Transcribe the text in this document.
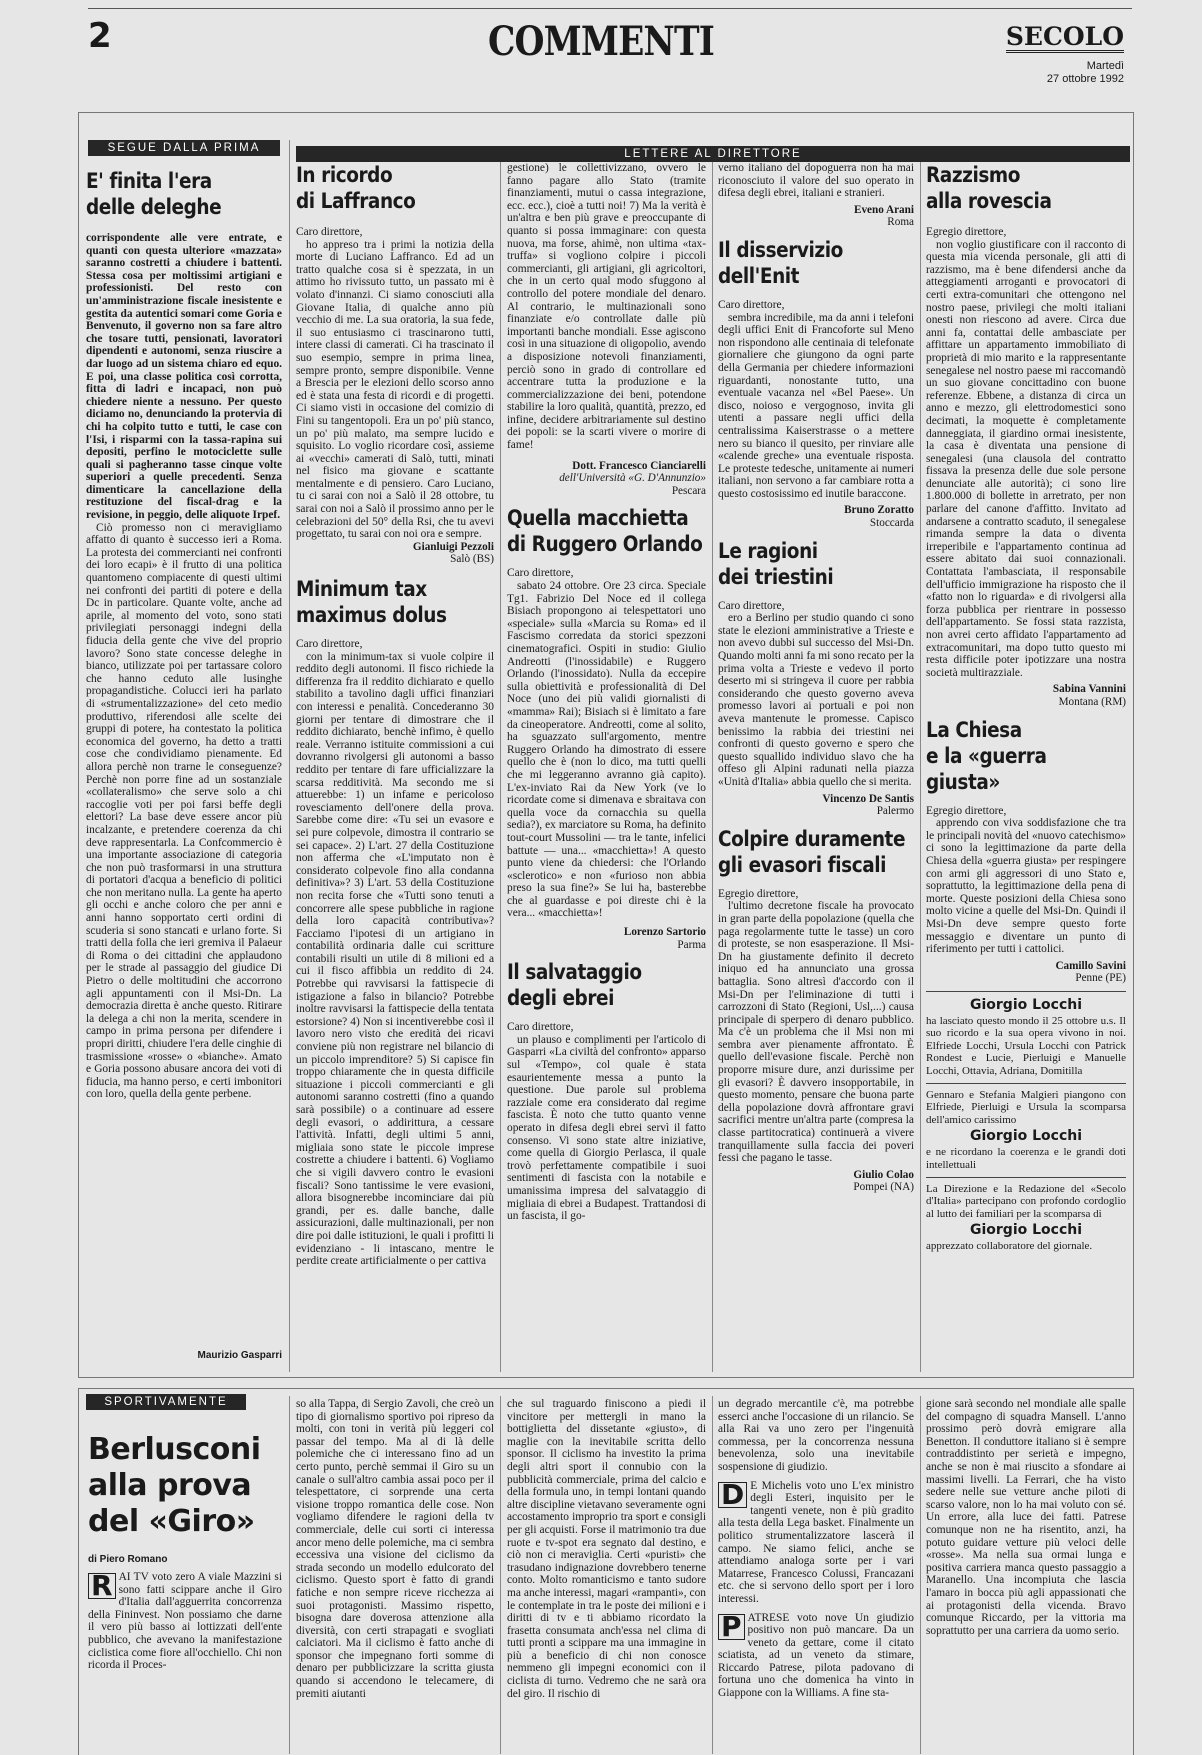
2	COMMENTI	SECOLO
Martedì
27 ottobre 1992
SEGUE DALLA PRIMA	LETTERE AL DIRETTORE
E' finita l'era
delle deleghe

corrispondente alle vere entrate, e quanti con questa ulteriore «mazzata» saranno costretti a chiudere i battenti. Stessa cosa per moltissimi artigiani e professionisti. Del resto con un'amministrazione fiscale inesistente e gestita da autentici somari come Goria e Benvenuto, il governo non sa fare altro che tosare tutti, pensionati, lavoratori dipendenti e autonomi, senza riuscire a dar luogo ad un sistema chiaro ed equo. E poi, una classe politica così corrotta, fitta di ladri e incapaci, non può chiedere niente a nessuno. Per questo diciamo no, denunciando la protervia di chi ha colpito tutto e tutti, le case con l'Isi, i risparmi con la tassa-rapina sui depositi, perfino le motociclette sulle quali si pagheranno tasse cinque volte superiori a quelle precedenti. Senza dimenticare la cancellazione della restituzione del fiscal-drag e la revisione, in peggio, delle aliquote Irpef.

Ciò promesso non ci meravigliamo affatto di quanto è successo ieri a Roma. La protesta dei commercianti nei confronti dei loro ecapi» è il frutto di una politica quantomeno compiacente di questi ultimi nei confronti dei partiti di potere e della Dc in particolare. Quante volte, anche ad aprile, al momento del voto, sono stati privilegiati personaggi indegni della fiducia della gente che vive del proprio lavoro? Sono state concesse deleghe in bianco, utilizzate poi per tartassare coloro che hanno ceduto alle lusinghe propagandistiche. Colucci ieri ha parlato di «strumentalizzazione» del ceto medio produttivo, riferendosi alle scelte dei gruppi di potere, ha contestato la politica economica del governo, ha detto a tratti cose che condividiamo pienamente. Ed allora perchè non trarne le conseguenze? Perchè non porre fine ad un sostanziale «collateralismo» che serve solo a chi raccoglie voti per poi farsi beffe degli elettori? La base deve essere ancor più incalzante, e pretendere coerenza da chi deve rappresentarla. La Confcommercio è una importante associazione di categoria che non può trasformarsi in una struttura di portatori d'acqua a beneficio di politici che non meritano nulla. La gente ha aperto gli occhi e anche coloro che per anni e anni hanno sopportato certi ordini di scuderia si sono stancati e urlano forte. Si tratti della folla che ieri gremiva il Palaeur di Roma o dei cittadini che applaudono per le strade al passaggio del giudice Di Pietro o delle moltitudini che accorrono agli appuntamenti con il Msi-Dn. La democrazia diretta è anche questo. Ritirare la delega a chi non la merita, scendere in campo in prima persona per difendere i propri diritti, chiudere l'era delle cinghie di trasmissione «rosse» o «bianche». Amato e Goria possono abusare ancora dei voti di fiducia, ma hanno perso, e certi imbonitori con loro, quella della gente perbene.

Maurizio Gasparri
In ricordo
di Laffranco

Caro direttore,

ho appreso tra i primi la notizia della morte di Luciano Laffranco. Ed ad un tratto qualche cosa si è spezzata, in un attimo ho rivissuto tutto, un passato mi è volato d'innanzi. Ci siamo conosciuti alla Giovane Italia, di qualche anno più vecchio di me. La sua oratoria, la sua fede, il suo entusiasmo ci trascinarono tutti, intere classi di camerati. Ci ha trascinato il suo esempio, sempre in prima linea, sempre pronto, sempre disponibile. Venne a Brescia per le elezioni dello scorso anno ed è stata una festa di ricordi e di progetti. Ci siamo visti in occasione del comizio di Fini su tangentopoli. Era un po' più stanco, un po' più malato, ma sempre lucido e squisito. Lo voglio ricordare così, assieme ai «vecchi» camerati di Salò, tutti, minati nel fisico ma giovane e scattante mentalmente e di pensiero. Caro Luciano, tu ci sarai con noi a Salò il 28 ottobre, tu sarai con noi a Salò il prossimo anno per le celebrazioni del 50° della Rsi, che tu avevi progettato, tu sarai con noi ora e sempre.

Gianluigi Pezzoli

Salò (BS)

Minimum tax
maximus dolus

Caro direttore,

con la minimum-tax si vuole colpire il reddito degli autonomi. Il fisco richiede la differenza fra il reddito dichiarato e quello stabilito a tavolino dagli uffici finanziari con interessi e penalità. Concederanno 30 giorni per tentare di dimostrare che il reddito dichiarato, benchè infimo, è quello reale. Verranno istituite commissioni a cui dovranno rivolgersi gli autonomi a basso reddito per tentare di fare ufficializzare la scarsa redditività. Ma secondo me si attuerebbe: 1) un infame e pericoloso rovesciamento dell'onere della prova. Sarebbe come dire: «Tu sei un evasore e sei pure colpevole, dimostra il contrario se sei capace». 2) L'art. 27 della Costituzione non afferma che «L'imputato non è considerato colpevole fino alla condanna definitiva»? 3) L'art. 53 della Costituzione non recita forse che «Tutti sono tenuti a concorrere alle spese pubbliche in ragione della loro capacità contributiva»? Facciamo l'ipotesi di un artigiano in contabilità ordinaria dalle cui scritture contabili risulti un utile di 8 milioni ed a cui il fisco affibbia un reddito di 24. Potrebbe qui ravvisarsi la fattispecie di istigazione a falso in bilancio? Potrebbe inoltre ravvisarsi la fattispecie della tentata estorsione? 4) Non si incentiverebbe così il lavoro nero visto che eredità dei ricavi conviene più non registrare nel bilancio di un piccolo imprenditore? 5) Si capisce fin troppo chiaramente che in questa difficile situazione i piccoli commercianti e gli autonomi saranno costretti (fino a quando sarà possibile) o a continuare ad essere degli evasori, o addirittura, a cessare l'attività. Infatti, degli ultimi 5 anni, migliaia sono state le piccole imprese costrette a chiudere i battenti. 6) Vogliamo che si vigili davvero contro le evasioni fiscali? Sono tantissime le vere evasioni, allora bisognerebbe incominciare dai più grandi, per es. dalle banche, dalle assicurazioni, dalle multinazionali, per non dire poi dalle istituzioni, le quali i profitti li evidenziano - li intascano, mentre le perdite create artificialmente o per cattiva

gestione) le collettivizzano, ovvero le fanno pagare allo Stato (tramite finanziamenti, mutui o cassa integrazione, ecc. ecc.), cioè a tutti noi! 7) Ma la verità è un'altra e ben più grave e preoccupante di quanto si possa immaginare: con questa nuova, ma forse, ahimè, non ultima «tax-truffa» si vogliono colpire i piccoli commercianti, gli artigiani, gli agricoltori, che in un certo qual modo sfuggono al controllo del potere mondiale del denaro. Al contrario, le multinazionali sono finanziate e/o controllate dalle più importanti banche mondiali. Esse agiscono così in una situazione di oligopolio, avendo a disposizione notevoli finanziamenti, perciò sono in grado di controllare ed accentrare tutta la produzione e la commercializzazione dei beni, potendone stabilire la loro qualità, quantità, prezzo, ed infine, decidere arbitrariamente sul destino dei popoli: se la scarti vivere o morire di fame!

Dott. Francesco Cianciarelli

dell'Università «G. D'Annunzio»

Pescara

Quella macchietta
di Ruggero Orlando

Caro direttore,

sabato 24 ottobre. Ore 23 circa. Speciale Tg1. Fabrizio Del Noce ed il collega Bisiach propongono ai telespettatori uno «speciale» sulla «Marcia su Roma» ed il Fascismo corredata da storici spezzoni cinematografici. Ospiti in studio: Giulio Andreotti (l'inossidabile) e Ruggero Orlando (l'inossidato). Nulla da eccepire sulla obiettività e professionalità di Del Noce (uno dei più validi giornalisti di «mamma» Rai); Bisiach si è limitato a fare da cineoperatore. Andreotti, come al solito, ha sguazzato sull'argomento, mentre Ruggero Orlando ha dimostrato di essere quello che è (non lo dico, ma tutti quelli che mi leggeranno avranno già capito). L'ex-inviato Rai da New York (ve lo ricordate come si dimenava e sbraitava con quella voce da cornacchia su quella sedia?), ex marciatore su Roma, ha definito tout-court Mussolini — tra le tante, infelici battute — una... «macchietta»! A questo punto viene da chiedersi: che l'Orlando «sclerotico» e non «furioso non abbia preso la sua fine?» Se lui ha, basterebbe che al guardasse e poi direste chi è la vera... «macchietta»!

Lorenzo Sartorio

Parma

Il salvataggio
degli ebrei

Caro direttore,

un plauso e complimenti per l'articolo di Gasparri «La civiltà del confronto» apparso sul «Tempo», col quale è stata esaurientemente messa a punto la questione. Due parole sul problema razziale come era considerato dal regime fascista. È noto che tutto quanto venne operato in difesa degli ebrei servì il fatto consenso. Vi sono state altre iniziative, come quella di Giorgio Perlasca, il quale trovò perfettamente compatibile i suoi sentimenti di fascista con la notabile e umanissima impresa del salvataggio di migliaia di ebrei a Budapest. Trattandosi di un fascista, il go-

verno italiano del dopoguerra non ha mai riconosciuto il valore del suo operato in difesa degli ebrei, italiani e stranieri.

Eveno Arani

Roma

Il disservizio
dell'Enit

Caro direttore,

sembra incredibile, ma da anni i telefoni degli uffici Enit di Francoforte sul Meno non rispondono alle centinaia di telefonate giornaliere che giungono da ogni parte della Germania per chiedere informazioni riguardanti, nonostante tutto, una eventuale vacanza nel «Bel Paese». Un disco, noioso e vergognoso, invita gli utenti a passare negli uffici della centralissima Kaiserstrasse o a mettere nero su bianco il quesito, per rinviare alle «calende greche» una eventuale risposta. Le proteste tedesche, unitamente ai numeri italiani, non servono a far cambiare rotta a questo costosissimo ed inutile baraccone.

Bruno Zoratto

Stoccarda

Le ragioni
dei triestini

Caro direttore,

ero a Berlino per studio quando ci sono state le elezioni amministrative a Trieste e non avevo dubbi sul successo del Msi-Dn. Quando molti anni fa mi sono recato per la prima volta a Trieste e vedevo il porto deserto mi si stringeva il cuore per rabbia considerando che questo governo aveva promesso lavori ai portuali e poi non aveva mantenute le promesse. Capisco benissimo la rabbia dei triestini nei confronti di questo governo e spero che questo squallido individuo slavo che ha offeso gli Alpini radunati nella piazza «Unità d'Italia» abbia quello che si merita.

Vincenzo De Santis

Palermo

Colpire duramente
gli evasori fiscali

Egregio direttore,

l'ultimo decretone fiscale ha provocato in gran parte della popolazione (quella che paga regolarmente tutte le tasse) un coro di proteste, se non esasperazione. Il Msi-Dn ha giustamente definito il decreto iniquo ed ha annunciato una grossa battaglia. Sono altresì d'accordo con il Msi-Dn per l'eliminazione di tutti i carrozzoni di Stato (Regioni, Usl,...) causa principale di sperpero di denaro pubblico. Ma c'è un problema che il Msi non mi sembra aver pienamente affrontato. È quello dell'evasione fiscale. Perchè non proporre misure dure, anzi durissime per gli evasori? È davvero insopportabile, in questo momento, pensare che buona parte della popolazione dovrà affrontare gravi sacrifici mentre un'altra parte (compresa la classe partitocratica) continuerà a vivere tranquillamente sulla faccia dei poveri fessi che pagano le tasse.

Giulio Colao

Pompei (NA)

Razzismo
alla rovescia

Egregio direttore,

non voglio giustificare con il racconto di questa mia vicenda personale, gli atti di razzismo, ma è bene difendersi anche da atteggiamenti arroganti e provocatori di certi extra-comunitari che ottengono nel nostro paese, privilegi che molti italiani onesti non riescono ad avere. Circa due anni fa, contattai delle ambasciate per affittare un appartamento immobiliato di proprietà di mio marito e la rappresentante senegalese nel nostro paese mi raccomandò un suo giovane concittadino con buone referenze. Ebbene, a distanza di circa un anno e mezzo, gli elettrodomestici sono decimati, la moquette è completamente danneggiata, il giardino ormai inesistente, la casa è diventata una pensione di senegalesi (una clausola del contratto fissava la presenza delle due sole persone denunciate alle autorità); ci sono lire 1.800.000 di bollette in arretrato, per non parlare del canone d'affitto. Invitato ad andarsene a contratto scaduto, il senegalese rimanda sempre la data o diventa irreperibile e l'appartamento continua ad essere abitato dai suoi connazionali. Contattata l'ambasciata, il responsabile dell'ufficio immigrazione ha risposto che il «fatto non lo riguarda» e di rivolgersi alla forza pubblica per rientrare in possesso dell'appartamento. Se fossi stata razzista, non avrei certo affidato l'appartamento ad extracomunitari, ma dopo tutto questo mi resta difficile poter ipotizzare una nostra società multirazziale.

Sabina Vannini

Montana (RM)

La Chiesa
e la «guerra giusta»

Egregio direttore,

apprendo con viva soddisfazione che tra le principali novità del «nuovo catechismo» ci sono la legittimazione da parte della Chiesa della «guerra giusta» per respingere con armi gli aggressori di uno Stato e, soprattutto, la legittimazione della pena di morte. Queste posizioni della Chiesa sono molto vicine a quelle del Msi-Dn. Quindi il Msi-Dn deve sempre questo forte messaggio e diventare un punto di riferimento per tutti i cattolici.

Camillo Savini

Penne (PE)

Giorgio Locchi

ha lasciato questo mondo il 25 ottobre u.s. Il suo ricordo e la sua opera vivono in noi. Elfriede Locchi, Ursula Locchi con Patrick Rondest e Lucie, Pierluigi e Manuelle Locchi, Ottavia, Adriana, Domitilla

Gennaro e Stefania Malgieri piangono con Elfriede, Pierluigi e Ursula la scomparsa dell'amico carissimo

Giorgio Locchi

e ne ricordano la coerenza e le grandi doti intellettuali

La Direzione e la Redazione del «Secolo d'Italia» partecipano con profondo cordoglio al lutto dei familiari per la scomparsa di

Giorgio Locchi

apprezzato collaboratore del giornale.

SPORTIVAMENTE
Berlusconi alla prova del «Giro»
di Piero Romano
R AI TV voto zero A viale Mazzini si sono fatti scippare anche il Giro d'Italia dall'agguerrita concorrenza della Fininvest. Non possiamo che darne il vero più basso ai lottizzati dell'ente pubblico, che avevano la manifestazione ciclistica come fiore all'occhiello. Chi non ricorda il Proces-

so alla Tappa, di Sergio Zavoli, che creò un tipo di giornalismo sportivo poi ripreso da molti, con toni in verità più leggeri col passar del tempo. Ma al di là delle polemiche che ci interessano fino ad un certo punto, perchè semmai il Giro su un canale o sull'altro cambia assai poco per il telespettatore, ci sorprende una certa visione troppo romantica delle cose. Non vogliamo difendere le ragioni della tv commerciale, delle cui sorti ci interessa ancor meno delle polemiche, ma ci sembra eccessiva una visione del ciclismo da strada secondo un modello edulcorato del ciclismo. Questo sport è fatto di grandi fatiche e non sempre riceve ricchezza ai suoi protagonisti. Massimo rispetto, bisogna dare doverosa attenzione alla diversità, con certi strapagati e svogliati calciatori. Ma il ciclismo è fatto anche di sponsor che impegnano forti somme di denaro per pubblicizzare la scritta giusta quando si accendono le telecamere, di premiti aiutanti

che sul traguardo finiscono a piedi il vincitore per mettergli in mano la bottiglietta del dissetante «giusto», di maglie con la inevitabile scritta dello sponsor. Il ciclismo ha investito la prima degli altri sport il connubio con la pubblicità commerciale, prima del calcio e della formula uno, in tempi lontani quando altre discipline vietavano severamente ogni accostamento improprio tra sport e consigli per gli acquisti. Forse il matrimonio tra due ruote e tv-spot era segnato dal destino, e ciò non ci meraviglia. Certi «puristi» che trasudano indignazione dovrebbero tenerne conto. Molto romanticismo e tanto sudore ma anche interessi, magari «rampanti», con le contemplate in tra le poste dei milioni e i diritti di tv e ti abbiamo ricordato la frasetta consumata anch'essa nel clima di tutti pronti a scippare ma una immagine in più a beneficio di chi non conosce nemmeno gli impegni economici con il ciclista di turno. Vedremo che ne sarà ora del giro. Il rischio di

un degrado mercantile c'è, ma potrebbe esserci anche l'occasione di un rilancio. Se alla Rai va uno zero per l'ingenuità commessa, per la concorrenza nessuna benevolenza, solo una inevitabile sospensione di giudizio.

D E Michelis voto uno L'ex ministro degli Esteri, inquisito per le tangenti venete, non è più gradito alla testa della Lega basket. Finalmente un politico strumentalizzatore lascerà il campo. Ne siamo felici, anche se attendiamo analoga sorte per i vari Matarrese, Francesco Colussi, Francazani etc. che si servono dello sport per i loro interessi.

P ATRESE voto nove Un giudizio positivo non può mancare. Da un veneto da gettare, come il citato sciatista, ad un veneto da stimare, Riccardo Patrese, pilota padovano di fortuna uno che domenica ha vinto in Giappone con la Williams. A fine sta-

gione sarà secondo nel mondiale alle spalle del compagno di squadra Mansell. L'anno prossimo però dovrà emigrare alla Benetton. Il conduttore italiano si è sempre contraddistinto per serietà e impegno, anche se non è mai riuscito a sfondare ai massimi livelli. La Ferrari, che ha visto sedere nelle sue vetture anche piloti di scarso valore, non lo ha mai voluto con sé. Un errore, alla luce dei fatti. Patrese comunque non ne ha risentito, anzi, ha potuto guidare vetture più veloci delle «rosse». Ma nella sua ormai lunga e positiva carriera manca questo passaggio a Maranello. Una incompiuta che lascia l'amaro in bocca più agli appassionati che ai protagonisti della vicenda. Bravo comunque Riccardo, per la vittoria ma soprattutto per una carriera da uomo serio.
